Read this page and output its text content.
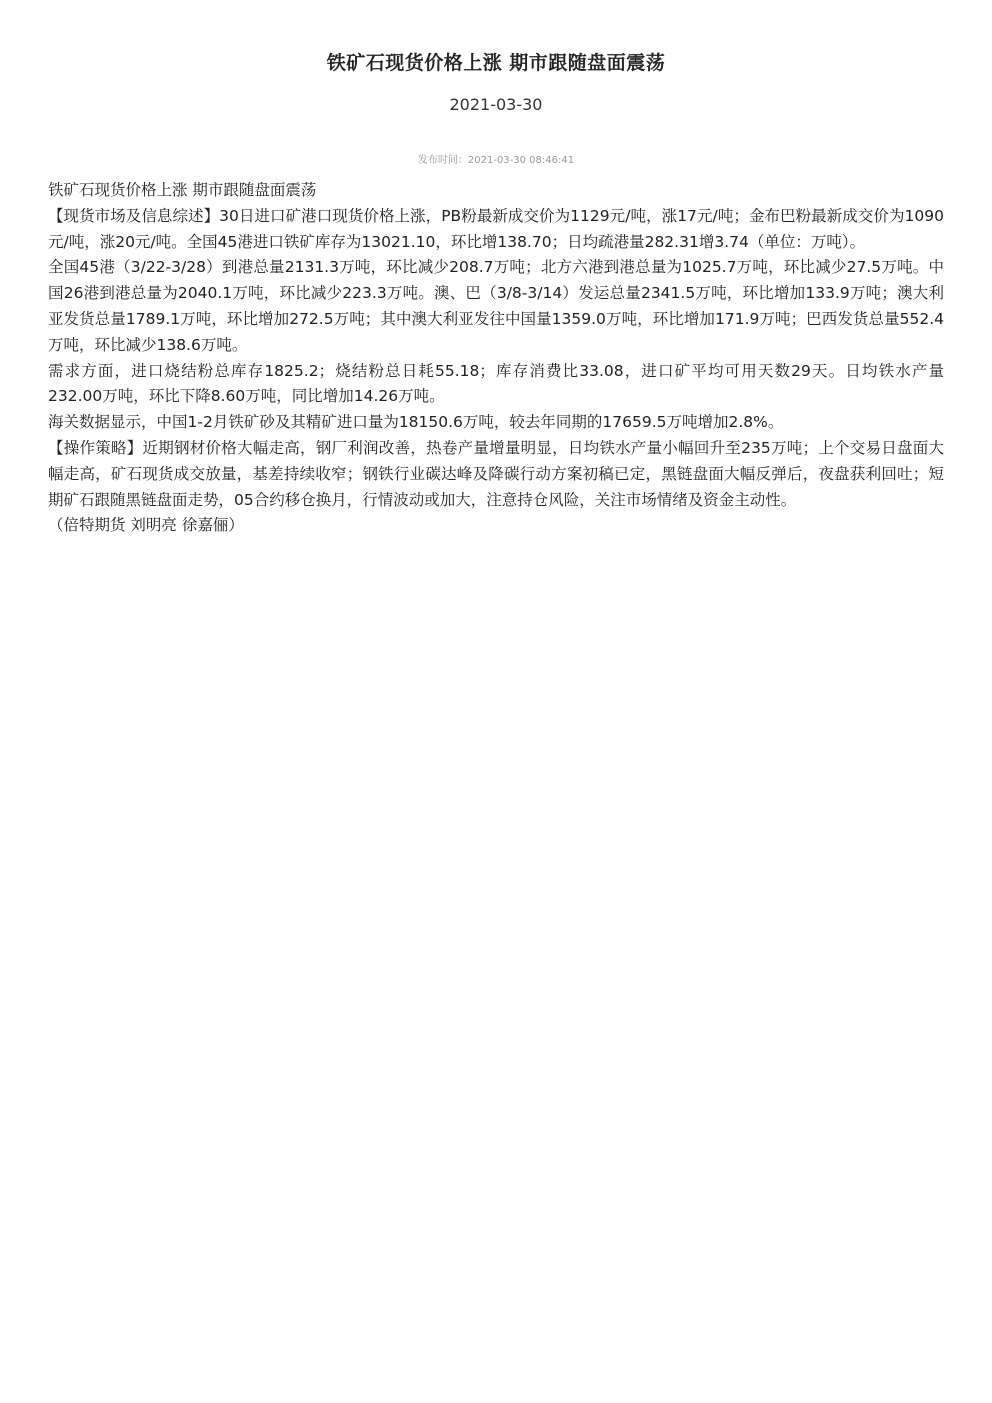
铁矿石现货价格上涨 期市跟随盘面震荡
2021-03-30
发布时间：2021-03-30 08:46:41

铁矿石现货价格上涨 期市跟随盘面震荡

【现货市场及信息综述】30日进口矿港口现货价格上涨，PB粉最新成交价为1129元/吨，涨17元/吨；金布巴粉最新成交价为1090元/吨，涨20元/吨。全国45港进口铁矿库存为13021.10，环比增138.70；日均疏港量282.31增3.74（单位：万吨）。

全国45港（3/22-3/28）到港总量2131.3万吨，环比减少208.7万吨；北方六港到港总量为1025.7万吨，环比减少27.5万吨。中国26港到港总量为2040.1万吨，环比减少223.3万吨。澳、巴（3/8-3/14）发运总量2341.5万吨，环比增加133.9万吨；澳大利亚发货总量1789.1万吨，环比增加272.5万吨；其中澳大利亚发往中国量1359.0万吨，环比增加171.9万吨；巴西发货总量552.4万吨，环比减少138.6万吨。

需求方面，进口烧结粉总库存1825.2；烧结粉总日耗55.18；库存消费比33.08，进口矿平均可用天数29天。日均铁水产量232.00万吨，环比下降8.60万吨，同比增加14.26万吨。

海关数据显示，中国1-2月铁矿砂及其精矿进口量为18150.6万吨，较去年同期的17659.5万吨增加2.8%。

【操作策略】近期钢材价格大幅走高，钢厂利润改善，热卷产量增量明显，日均铁水产量小幅回升至235万吨；上个交易日盘面大幅走高，矿石现货成交放量，基差持续收窄；钢铁行业碳达峰及降碳行动方案初稿已定，黑链盘面大幅反弹后，夜盘获利回吐；短期矿石跟随黑链盘面走势，05合约移仓换月，行情波动或加大，注意持仓风险，关注市场情绪及资金主动性。

（倍特期货 刘明亮 徐嘉俪）
